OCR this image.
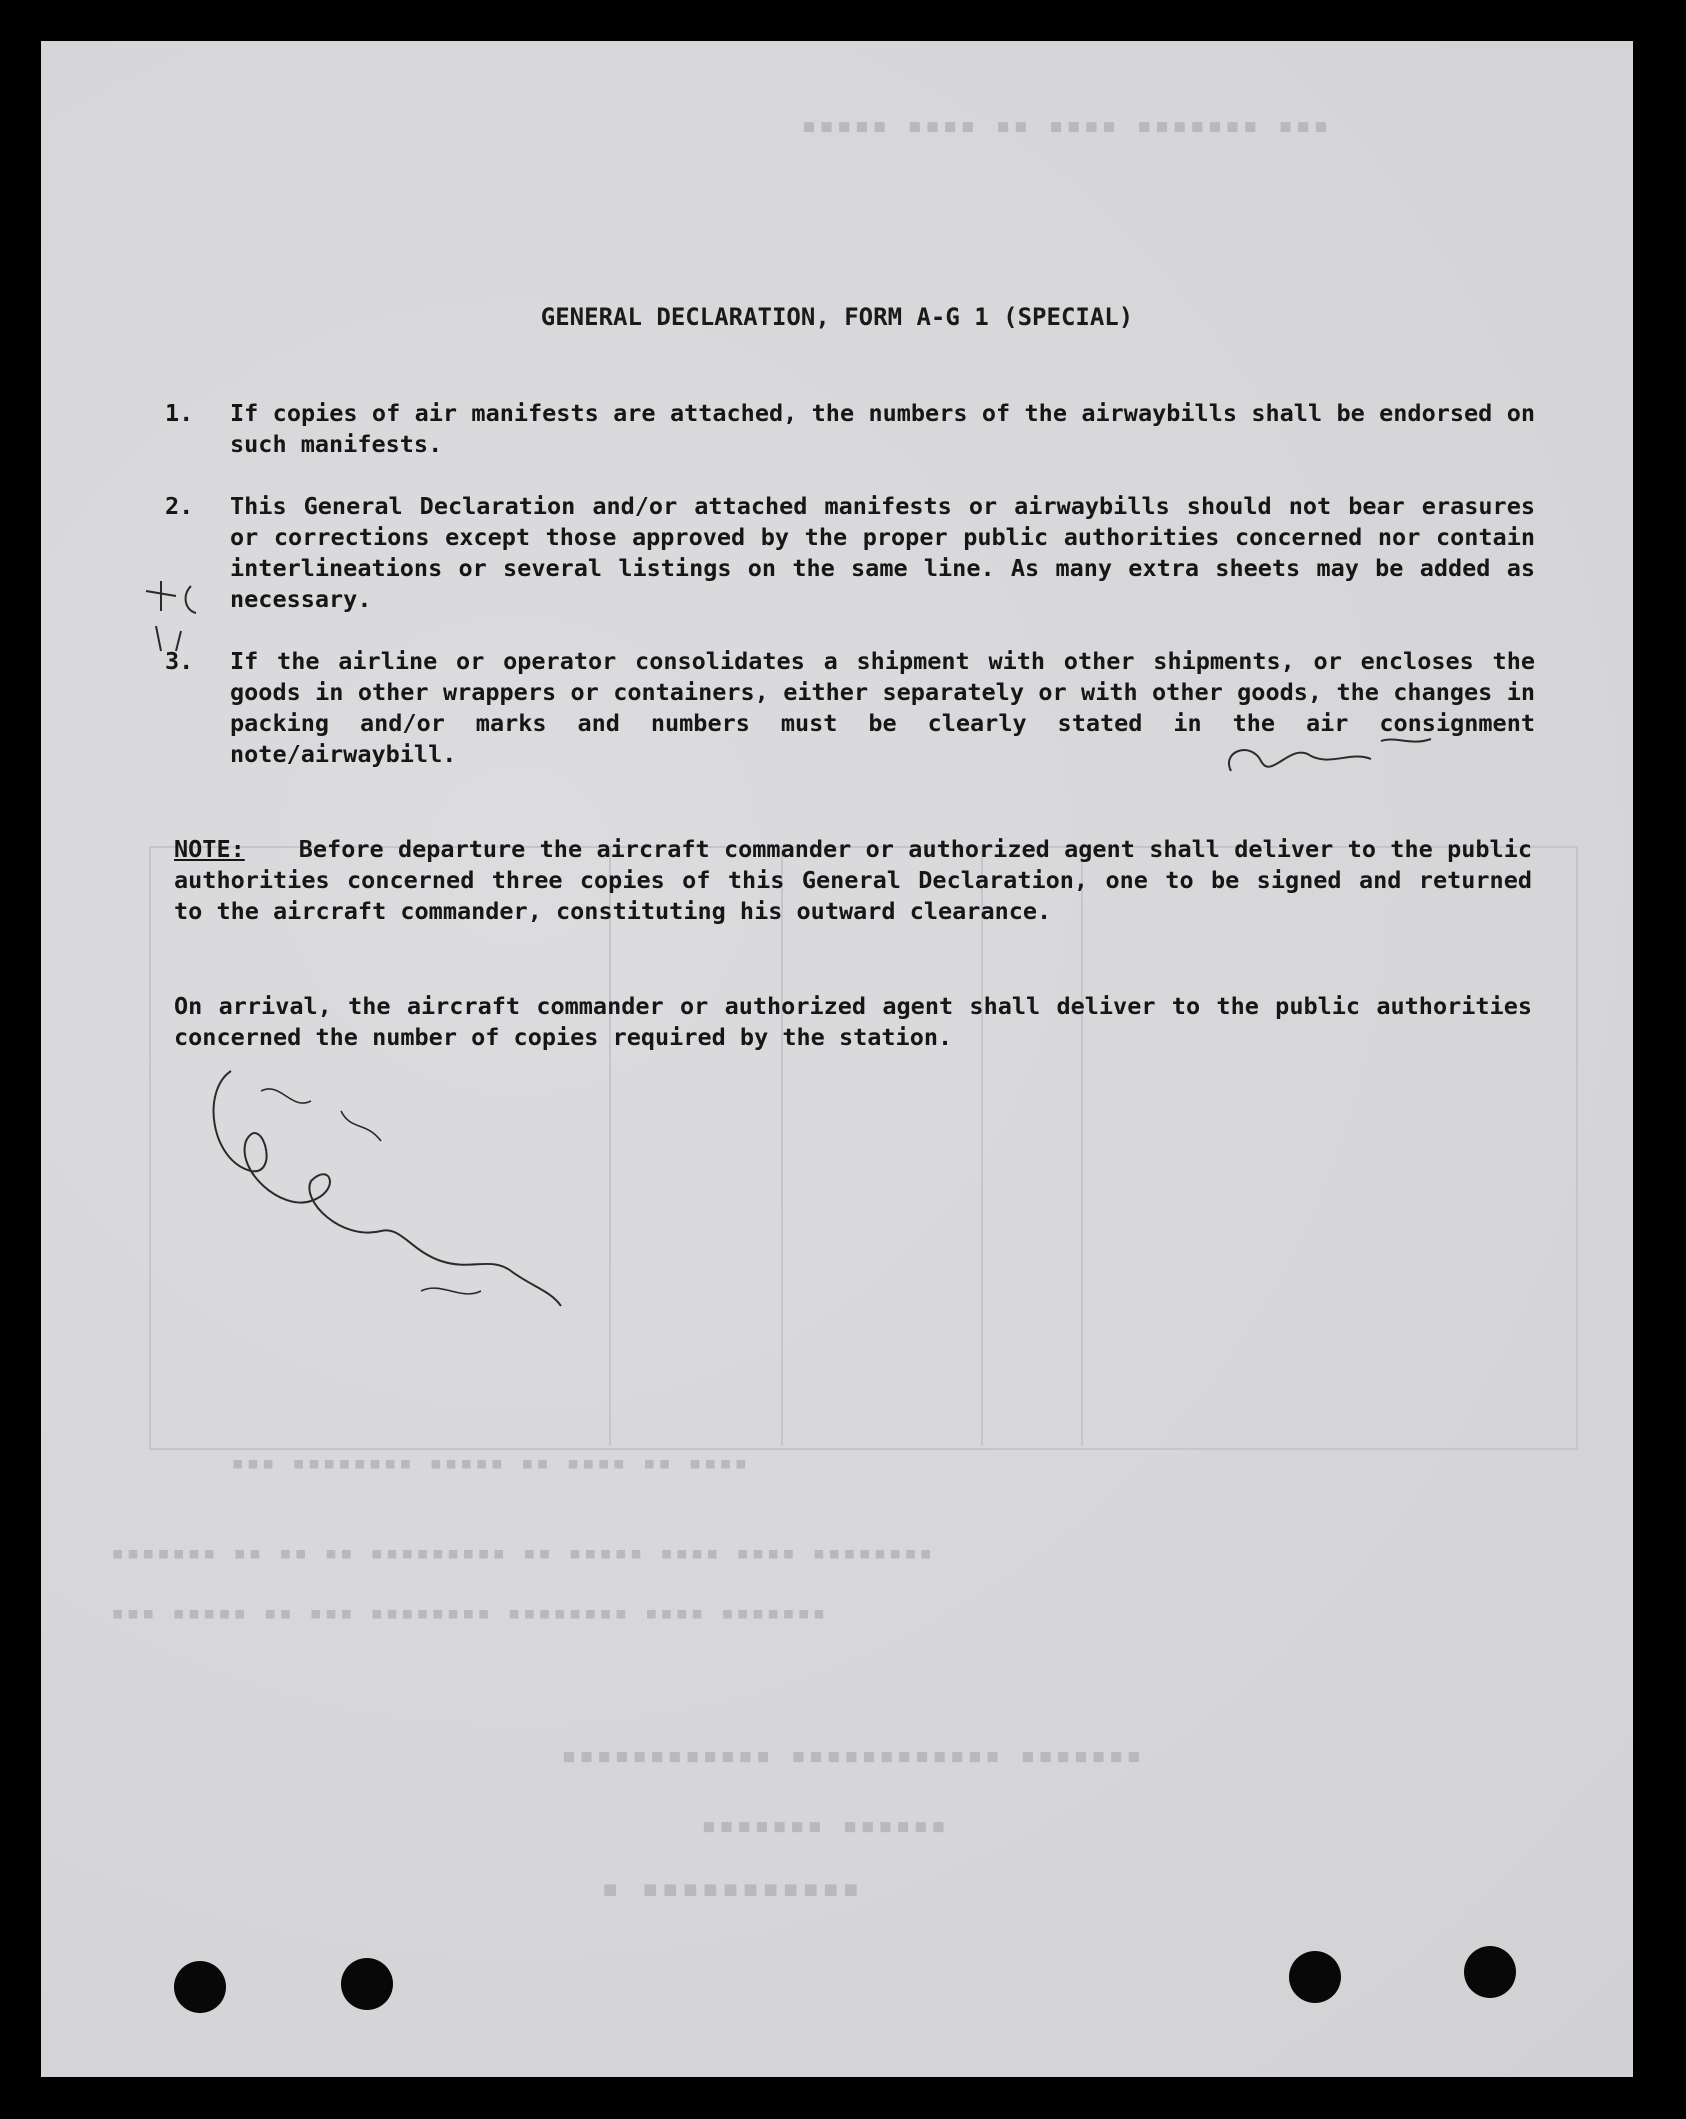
▪▪▪▪▪ ▪▪▪▪ ▪▪ ▪▪▪▪ ▪▪▪▪▪▪▪ ▪▪▪
▪▪▪ ▪▪▪▪▪▪▪▪ ▪▪▪▪▪ ▪▪ ▪▪▪▪ ▪▪ ▪▪▪▪
▪▪▪▪▪▪▪ ▪▪ ▪▪ ▪▪ ▪▪▪▪▪▪▪▪▪ ▪▪ ▪▪▪▪▪ ▪▪▪▪ ▪▪▪▪ ▪▪▪▪▪▪▪▪
▪▪▪ ▪▪▪▪▪ ▪▪ ▪▪▪ ▪▪▪▪▪▪▪▪ ▪▪▪▪▪▪▪▪ ▪▪▪▪ ▪▪▪▪▪▪▪
▪▪▪▪▪▪▪▪▪▪▪▪ ▪▪▪▪▪▪▪▪▪▪▪▪ ▪▪▪▪▪▪▪
▪▪▪▪▪▪▪ ▪▪▪▪▪▪
▪ ▪▪▪▪▪▪▪▪▪▪▪
GENERAL DECLARATION, FORM A-G 1 (SPECIAL)
1. If copies of air manifests are attached, the numbers of the airwaybills shall be endorsed on such manifests.
2. This General Declaration and/or attached manifests or airwaybills should not bear erasures or corrections except those approved by the proper public authorities concerned nor contain interlineations or several listings on the same line. As many extra sheets may be added as necessary.
3. If the airline or operator consolidates a shipment with other shipments, or encloses the goods in other wrappers or containers, either separately or with other goods, the changes in packing and/or marks and numbers must be clearly stated in the air consignment note/airwaybill.
NOTE: Before departure the aircraft commander or authorized agent shall deliver to the public authorities concerned three copies of this General Declaration, one to be signed and returned to the aircraft commander, constituting his outward clearance.
On arrival, the aircraft commander or authorized agent shall deliver to the public authorities concerned the number of copies required by the station.
